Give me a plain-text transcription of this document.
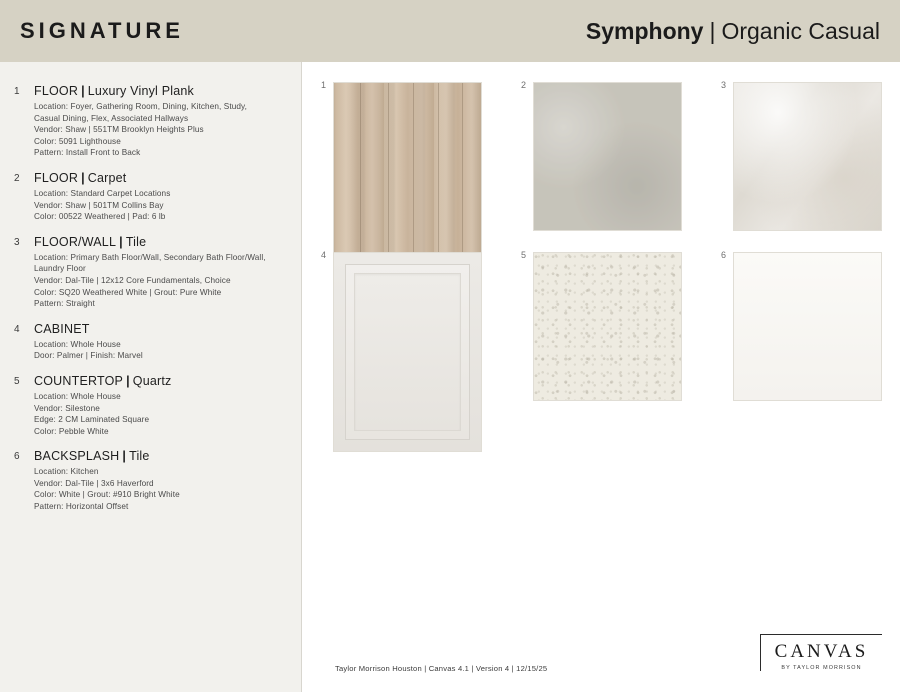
SIGNATURE	Symphony | Organic Casual
1	FLOOR | Luxury Vinyl Plank
Location: Foyer, Gathering Room, Dining, Kitchen, Study,
Casual Dining, Flex, Associated Hallways
Vendor: Shaw | 551TM Brooklyn Heights Plus
Color: 5091 Lighthouse
Pattern: Install Front to Back
2	FLOOR | Carpet
Location: Standard Carpet Locations
Vendor: Shaw | 501TM Collins Bay
Color: 00522 Weathered | Pad: 6 lb
3	FLOOR/WALL | Tile
Location: Primary Bath Floor/Wall, Secondary Bath Floor/Wall,
Laundry Floor
Vendor: Dal-Tile | 12x12 Core Fundamentals, Choice
Color: SQ20 Weathered White | Grout: Pure White
Pattern: Straight
4	CABINET
Location: Whole House
Door: Palmer | Finish: Marvel
5	COUNTERTOP | Quartz
Location: Whole House
Vendor: Silestone
Edge: 2 CM Laminated Square
Color: Pebble White
6	BACKSPLASH | Tile
Location: Kitchen
Vendor: Dal-Tile | 3x6 Haverford
Color: White | Grout: #910 Bright White
Pattern: Horizontal Offset
1	2	3
4	5	6
Taylor Morrison Houston | Canvas 4.1 | Version 4 | 12/15/25
CANVAS
BY TAYLOR MORRISON
